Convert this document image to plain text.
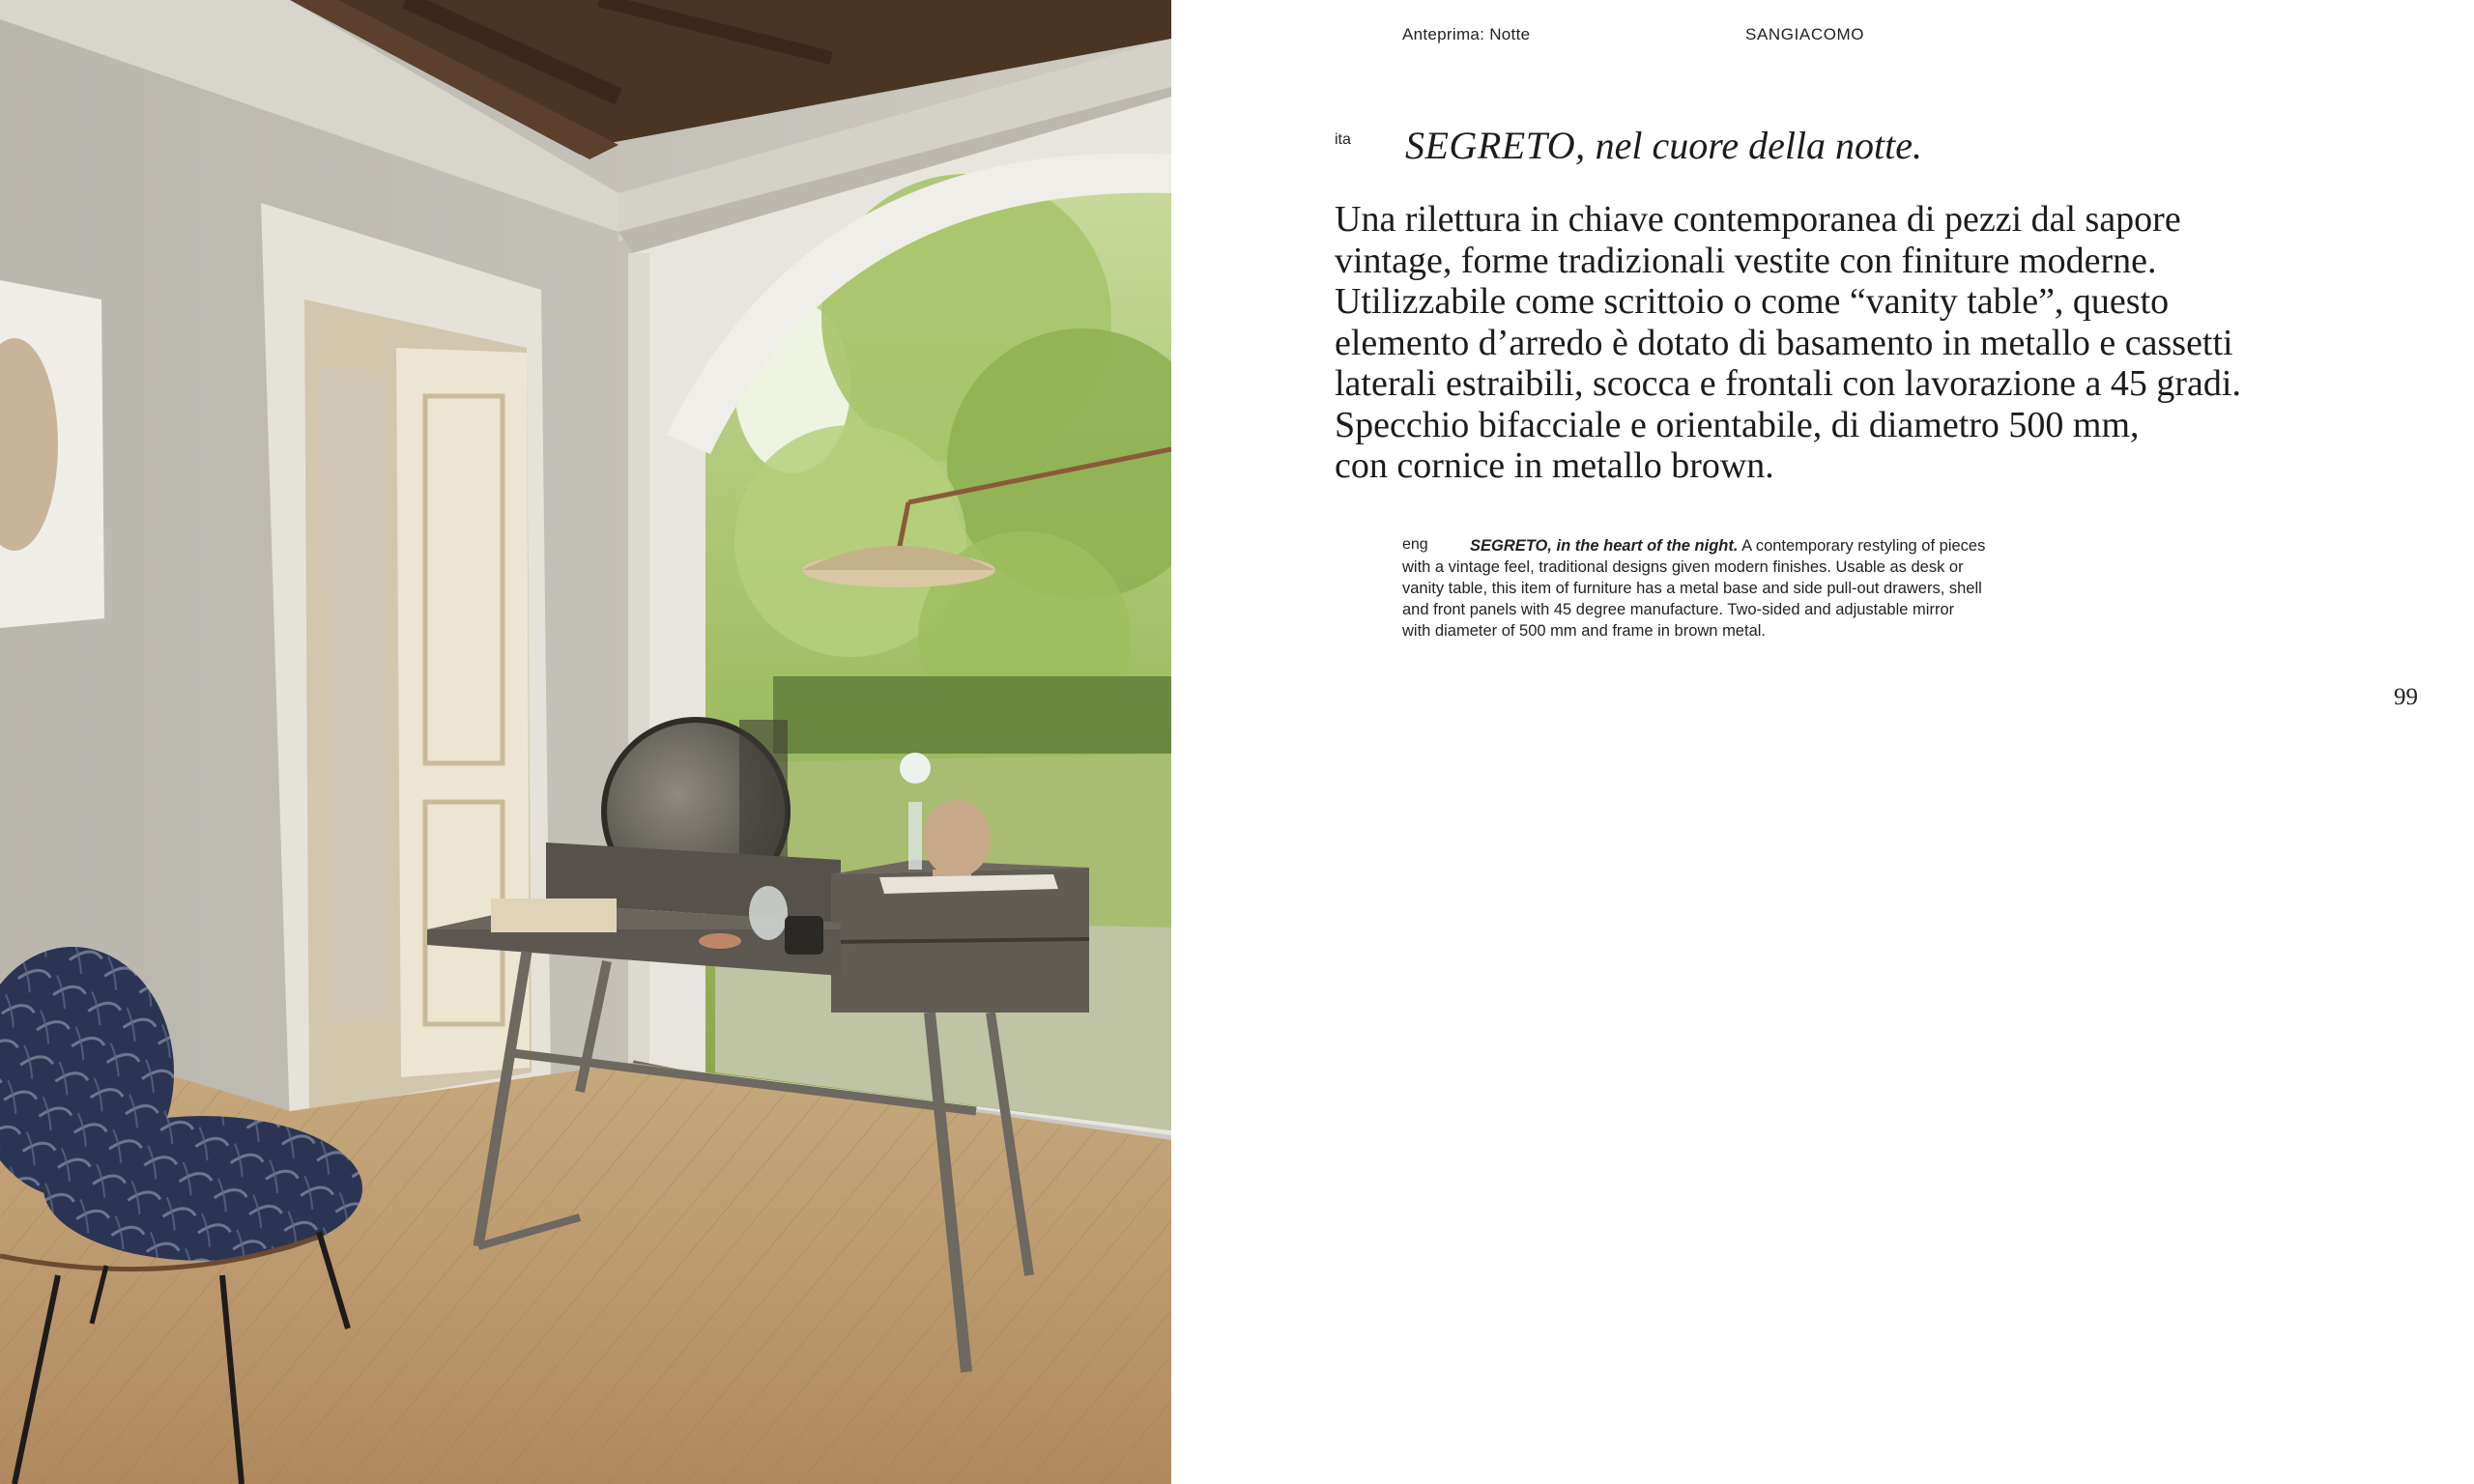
Anteprima: Notte	SANGIACOMO
ita SEGRETO, nel cuore della notte.

Una rilettura in chiave contemporanea di pezzi dal sapore
vintage, forme tradizionali vestite con finiture moderne.
Utilizzabile come scrittoio o come “vanity table”, questo
elemento d’arredo è dotato di basamento in metallo e cassetti
laterali estraibili, scocca e frontali con lavorazione a 45 gradi.
Specchio bifacciale e orientabile, di diametro 500 mm,
con cornice in metallo brown.

eng	SEGRETO, in the heart of the night. A contemporary restyling of pieces
with a vintage feel, traditional designs given modern finishes. Usable as desk or
vanity table, this item of furniture has a metal base and side pull-out drawers, shell
and front panels with 45 degree manufacture. Two-sided and adjustable mirror
with diameter of 500 mm and frame in brown metal.

99
